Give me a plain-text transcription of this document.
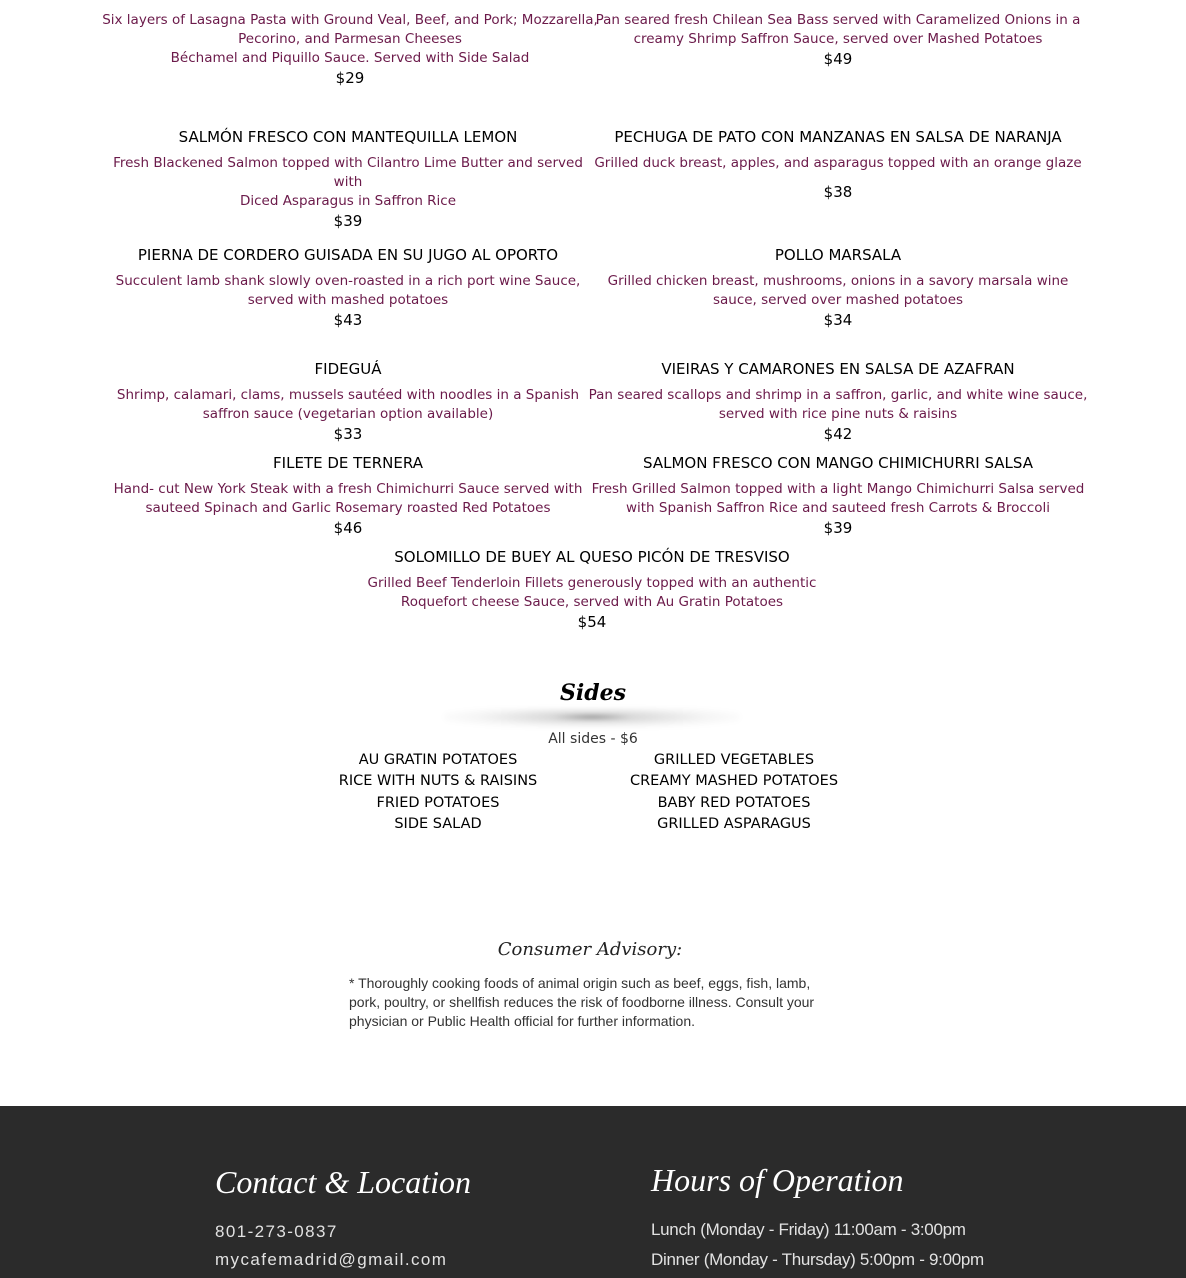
Six layers of Lasagna Pasta with Ground Veal, Beef, and Pork; Mozzarella,
Pecorino, and Parmesan Cheeses
Béchamel and Piquillo Sauce. Served with Side Salad
$29
Pan seared fresh Chilean Sea Bass served with Caramelized Onions in a
creamy Shrimp Saffron Sauce, served over Mashed Potatoes
$49
SALMÓN FRESCO CON MANTEQUILLA LEMON
Fresh Blackened Salmon topped with Cilantro Lime Butter and served with
Diced Asparagus in Saffron Rice
$39
PECHUGA DE PATO CON MANZANAS EN SALSA DE NARANJA
Grilled duck breast, apples, and asparagus topped with an orange glaze
$38
PIERNA DE CORDERO GUISADA EN SU JUGO AL OPORTO
Succulent lamb shank slowly oven-roasted in a rich port wine Sauce,
served with mashed potatoes
$43
POLLO MARSALA
Grilled chicken breast, mushrooms, onions in a savory marsala wine
sauce, served over mashed potatoes
$34
FIDEGUÁ
Shrimp, calamari, clams, mussels sautéed with noodles in a Spanish
saffron sauce (vegetarian option available)
$33
VIEIRAS Y CAMARONES EN SALSA DE AZAFRAN
Pan seared scallops and shrimp in a saffron, garlic, and white wine sauce,
served with rice pine nuts & raisins
$42
FILETE DE TERNERA
Hand- cut New York Steak with a fresh Chimichurri Sauce served with
sauteed Spinach and Garlic Rosemary roasted Red Potatoes
$46
SALMON FRESCO CON MANGO CHIMICHURRI SALSA
Fresh Grilled Salmon topped with a light Mango Chimichurri Salsa served
with Spanish Saffron Rice and sauteed fresh Carrots & Broccoli
$39
SOLOMILLO DE BUEY AL QUESO PICÓN DE TRESVISO
Grilled Beef Tenderloin Fillets generously topped with an authentic
Roquefort cheese Sauce, served with Au Gratin Potatoes
$54
Sides
All sides - $6
AU GRATIN POTATOES
RICE WITH NUTS & RAISINS
FRIED POTATOES
SIDE SALAD
GRILLED VEGETABLES
CREAMY MASHED POTATOES
BABY RED POTATOES
GRILLED ASPARAGUS
Consumer Advisory:
* Thoroughly cooking foods of animal origin such as beef, eggs, fish, lamb, pork, poultry, or shellfish reduces the risk of foodborne illness. Consult your physician or Public Health official for further information.
Contact & Location
801-273-0837
mycafemadrid@gmail.com
Hours of Operation
Lunch (Monday - Friday) 11:00am - 3:00pm
Dinner (Monday - Thursday) 5:00pm - 9:00pm
